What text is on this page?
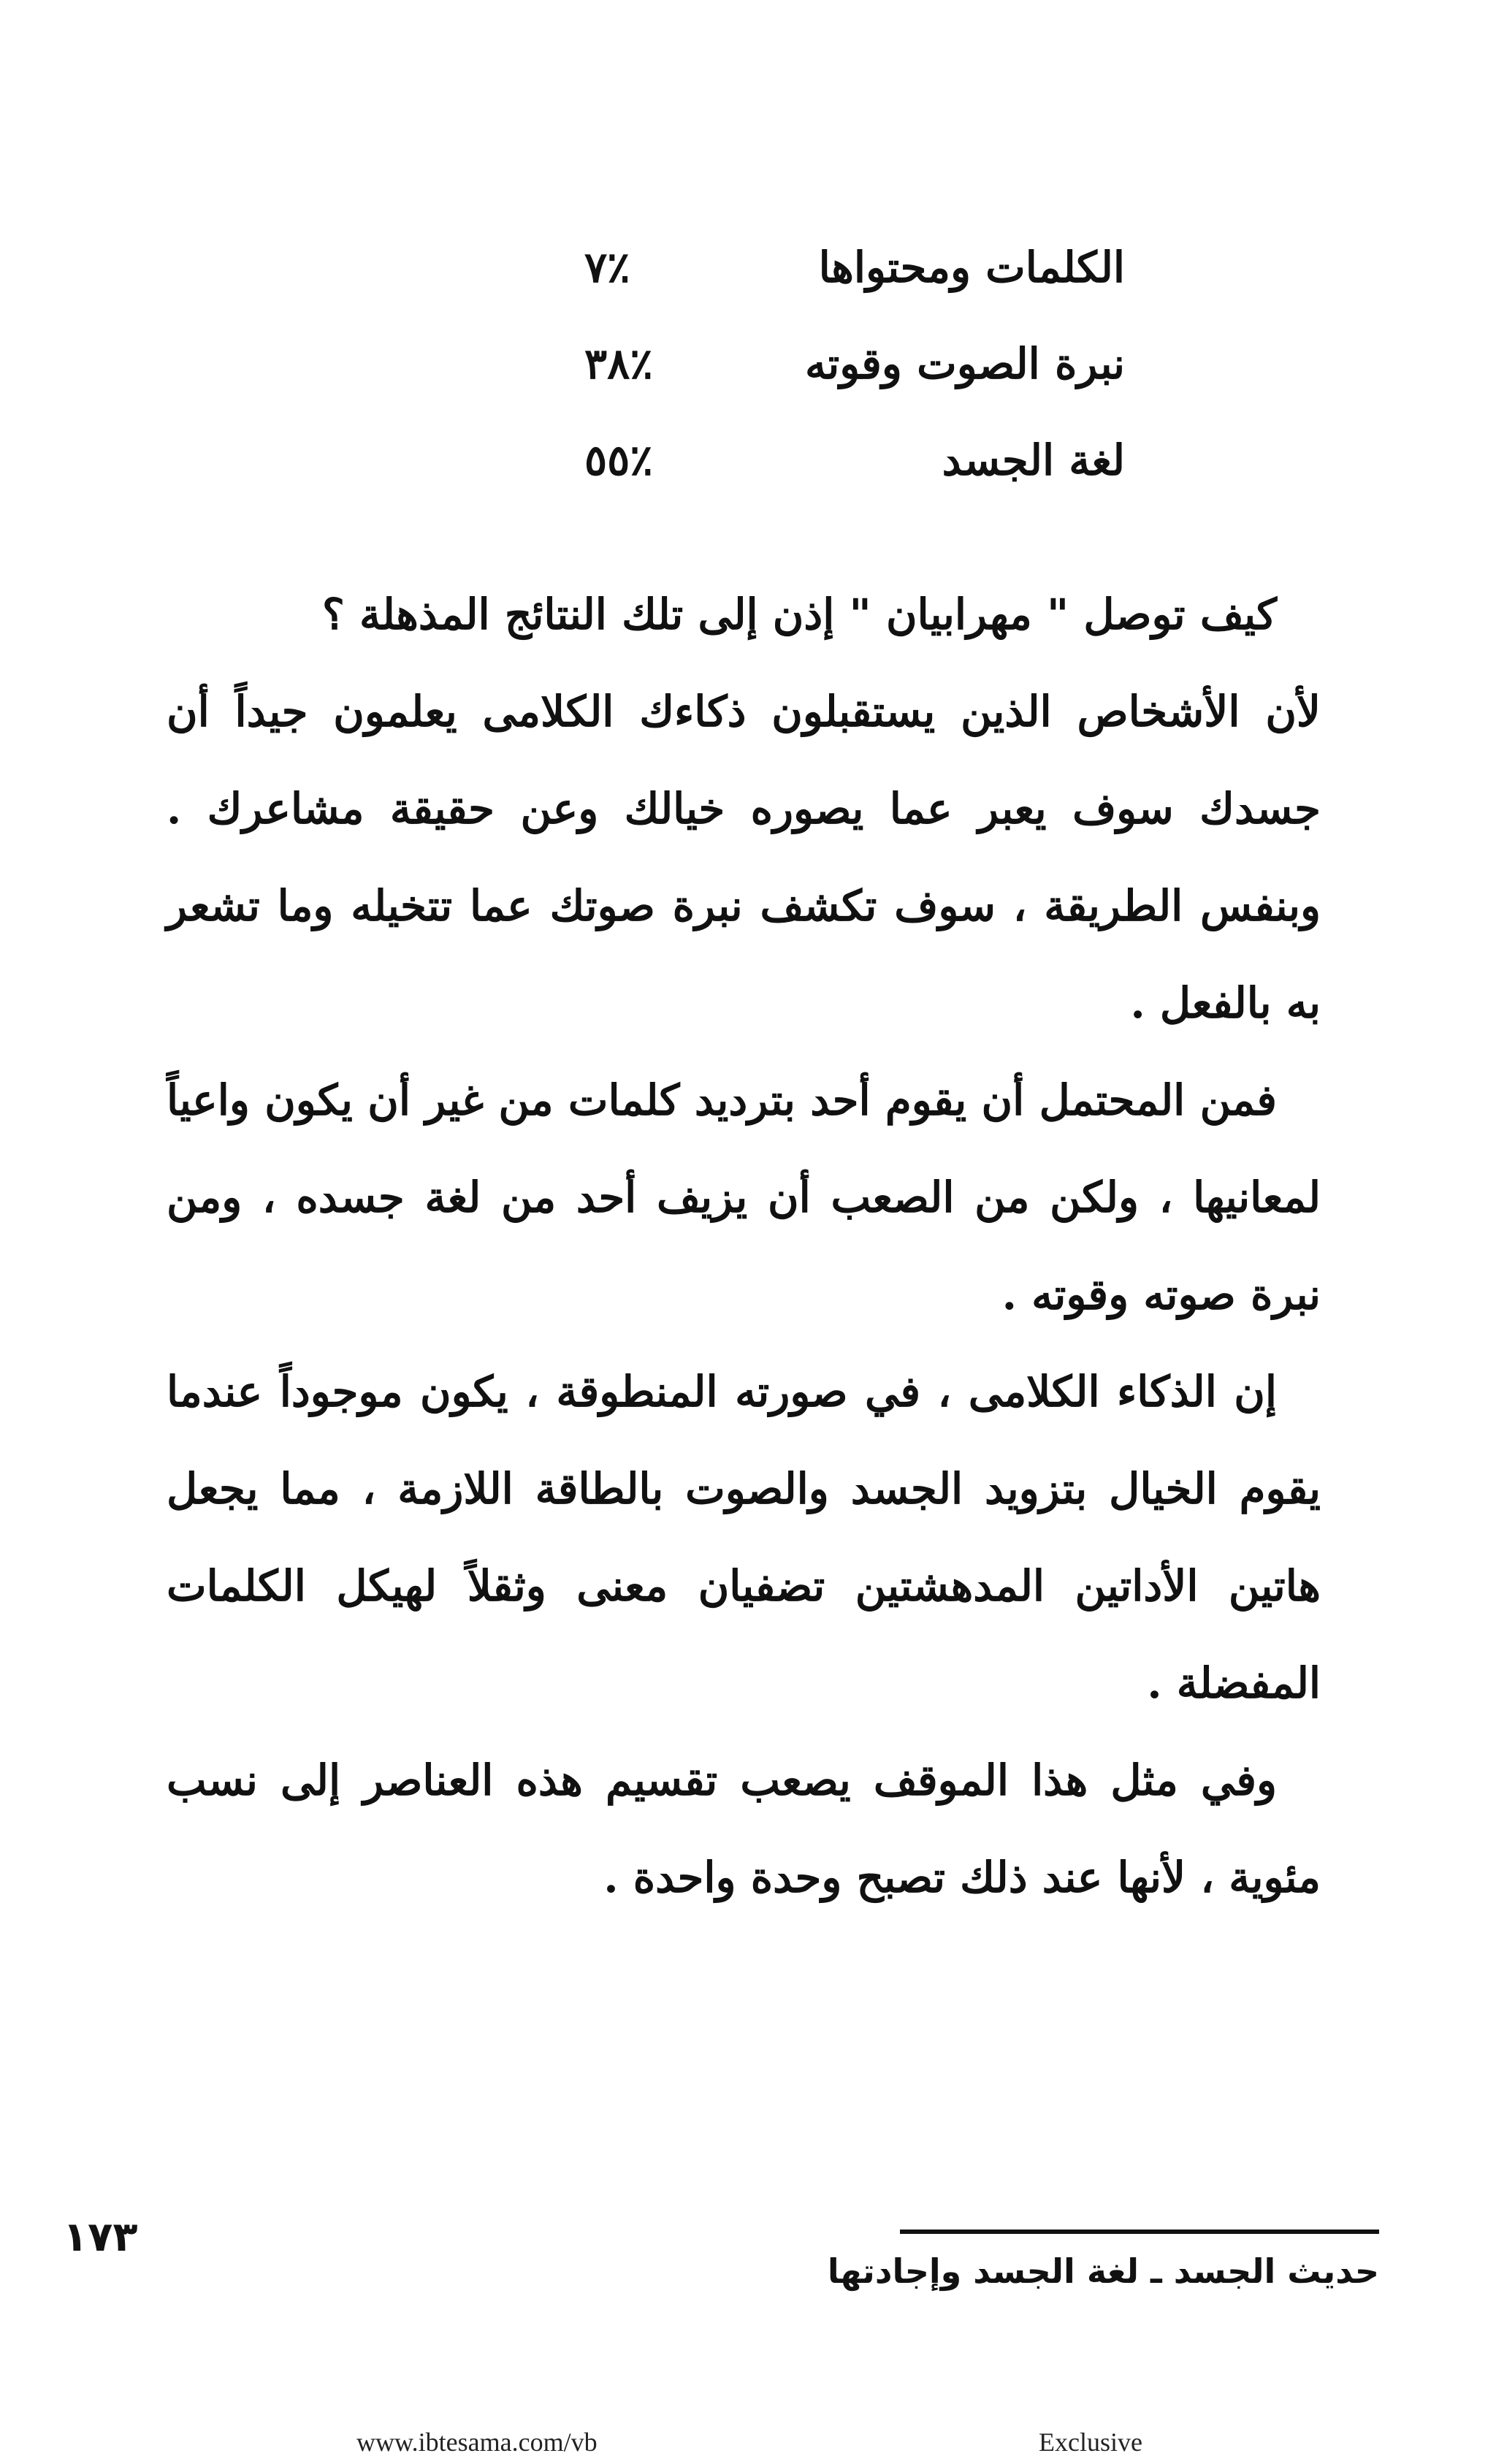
الكلمات ومحتواها
٪٧
نبرة الصوت وقوته
٪٣٨
لغة الجسد
٪٥٥

كيف توصل " مهرابيان " إذن إلى تلك النتائج المذهلة ؟

لأن الأشخاص الذين يستقبلون ذكاءك الكلامى يعلمون جيداً أن جسدك سوف يعبر عما يصوره خيالك وعن حقيقة مشاعرك . وبنفس الطريقة ، سوف تكشف نبرة صوتك عما تتخيله وما تشعر به بالفعل .

فمن المحتمل أن يقوم أحد بترديد كلمات من غير أن يكون واعياً لمعانيها ، ولكن من الصعب أن يزيف أحد من لغة جسده ، ومن نبرة صوته وقوته .

إن الذكاء الكلامى ، في صورته المنطوقة ، يكون موجوداً عندما يقوم الخيال بتزويد الجسد والصوت بالطاقة اللازمة ، مما يجعل هاتين الأداتين المدهشتين تضفيان معنى وثقلاً لهيكل الكلمات المفضلة .

وفي مثل هذا الموقف يصعب تقسيم هذه العناصر إلى نسب مئوية ، لأنها عند ذلك تصبح وحدة واحدة .

١٧٣
حديث الجسد ـ لغة الجسد وإجادتها
www.ibtesama.com/vb	Exclusive
